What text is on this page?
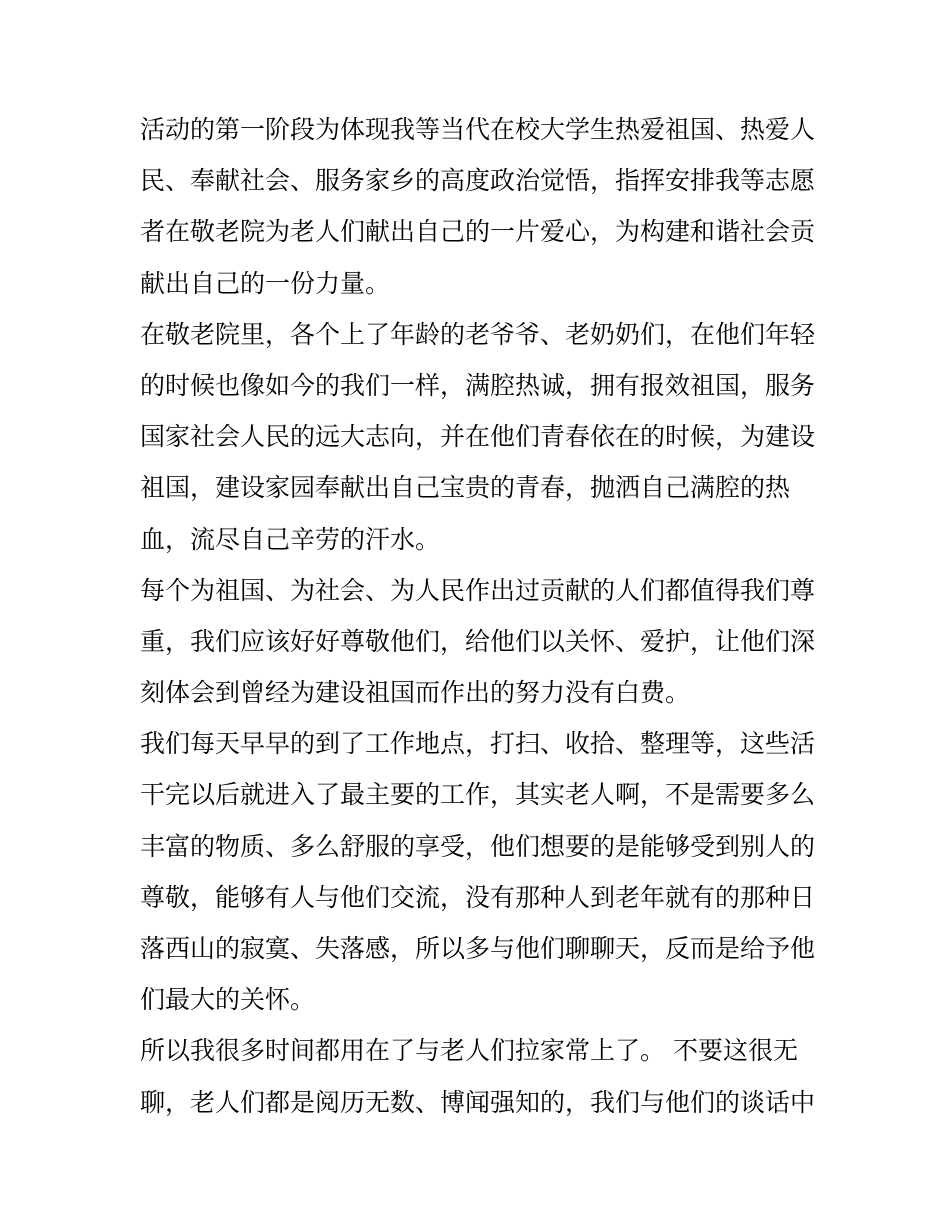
活动的第一阶段为体现我等当代在校大学生热爱祖国、热爱人
民、奉献社会、服务家乡的高度政治觉悟，指挥安排我等志愿
者在敬老院为老人们献出自己的一片爱心，为构建和谐社会贡
献出自己的一份力量。
在敬老院里，各个上了年龄的老爷爷、老奶奶们，在他们年轻
的时候也像如今的我们一样，满腔热诚，拥有报效祖国，服务
国家社会人民的远大志向，并在他们青春依在的时候，为建设
祖国，建设家园奉献出自己宝贵的青春，抛洒自己满腔的热
血，流尽自己辛劳的汗水。
每个为祖国、为社会、为人民作出过贡献的人们都值得我们尊
重，我们应该好好尊敬他们，给他们以关怀、爱护，让他们深
刻体会到曾经为建设祖国而作出的努力没有白费。
我们每天早早的到了工作地点，打扫、收拾、整理等，这些活
干完以后就进入了最主要的工作，其实老人啊，不是需要多么
丰富的物质、多么舒服的享受，他们想要的是能够受到别人的
尊敬，能够有人与他们交流，没有那种人到老年就有的那种日
落西山的寂寞、失落感，所以多与他们聊聊天，反而是给予他
们最大的关怀。
所以我很多时间都用在了与老人们拉家常上了。 不要这很无
聊，老人们都是阅历无数、博闻强知的，我们与他们的谈话中
